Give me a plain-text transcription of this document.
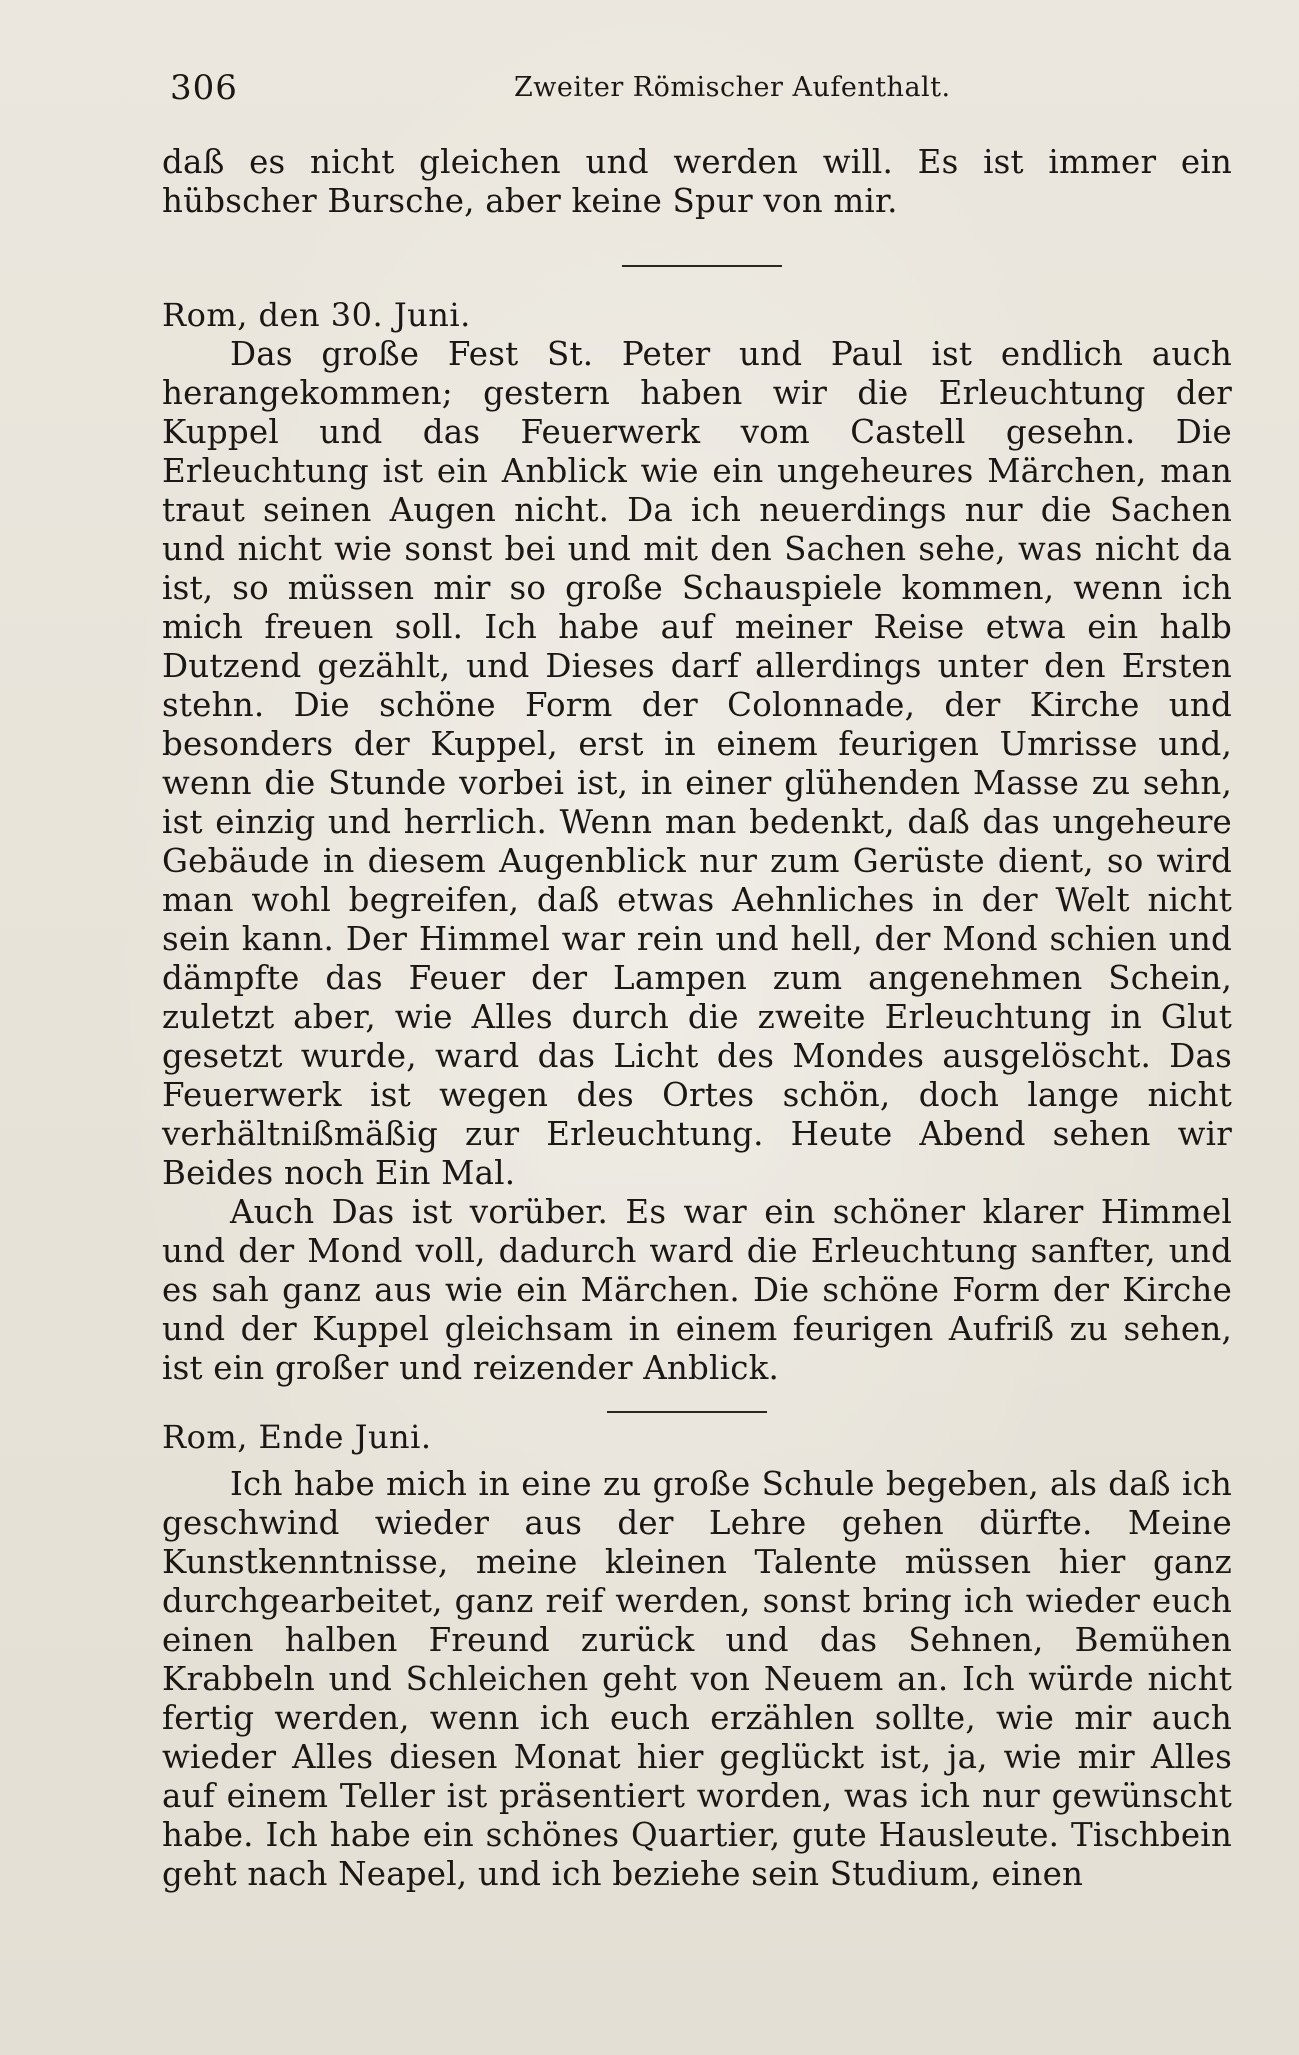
306	Zweiter Römischer Aufenthalt.

daß es nicht gleichen und werden will. Es ist immer ein hübscher Bursche, aber keine Spur von mir.

Rom, den 30. Juni.

Das große Fest St. Peter und Paul ist endlich auch herangekommen; gestern haben wir die Erleuchtung der Kuppel und das Feuerwerk vom Castell gesehn. Die Erleuchtung ist ein Anblick wie ein ungeheures Märchen, man traut seinen Augen nicht. Da ich neuerdings nur die Sachen und nicht wie sonst bei und mit den Sachen sehe, was nicht da ist, so müssen mir so große Schauspiele kommen, wenn ich mich freuen soll. Ich habe auf meiner Reise etwa ein halb Dutzend gezählt, und Dieses darf allerdings unter den Ersten stehn. Die schöne Form der Colonnade, der Kirche und besonders der Kuppel, erst in einem feurigen Umrisse und, wenn die Stunde vorbei ist, in einer glühenden Masse zu sehn, ist einzig und herrlich. Wenn man bedenkt, daß das ungeheure Gebäude in diesem Augenblick nur zum Gerüste dient, so wird man wohl begreifen, daß etwas Aehnliches in der Welt nicht sein kann. Der Himmel war rein und hell, der Mond schien und dämpfte das Feuer der Lampen zum angenehmen Schein, zuletzt aber, wie Alles durch die zweite Erleuchtung in Glut gesetzt wurde, ward das Licht des Mondes ausgelöscht. Das Feuerwerk ist wegen des Ortes schön, doch lange nicht verhältnißmäßig zur Erleuchtung. Heute Abend sehen wir Beides noch Ein Mal.

Auch Das ist vorüber. Es war ein schöner klarer Himmel und der Mond voll, dadurch ward die Erleuchtung sanfter, und es sah ganz aus wie ein Märchen. Die schöne Form der Kirche und der Kuppel gleichsam in einem feurigen Aufriß zu sehen, ist ein großer und reizender Anblick.

Rom, Ende Juni.

Ich habe mich in eine zu große Schule begeben, als daß ich geschwind wieder aus der Lehre gehen dürfte. Meine Kunstkenntnisse, meine kleinen Talente müssen hier ganz durchgearbeitet, ganz reif werden, sonst bring ich wieder euch einen halben Freund zurück und das Sehnen, Bemühen Krabbeln und Schleichen geht von Neuem an. Ich würde nicht fertig werden, wenn ich euch erzählen sollte, wie mir auch wieder Alles diesen Monat hier geglückt ist, ja, wie mir Alles auf einem Teller ist präsentiert worden, was ich nur gewünscht habe. Ich habe ein schönes Quartier, gute Hausleute. Tischbein geht nach Neapel, und ich beziehe sein Studium, einen
